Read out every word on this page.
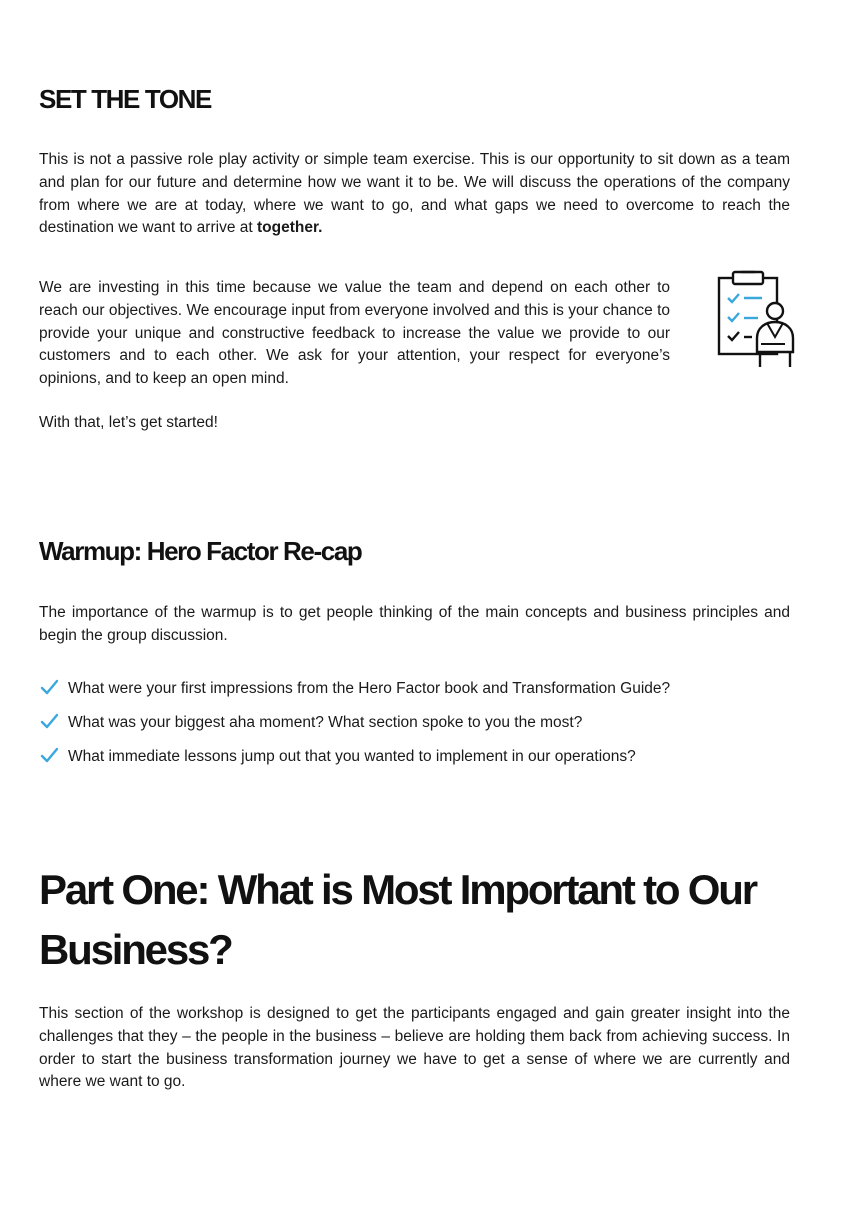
SET THE TONE

This is not a passive role play activity or simple team exercise. This is our opportunity to sit down as a team and plan for our future and determine how we want it to be. We will discuss the operations of the company from where we are at today, where we want to go, and what gaps we need to overcome to reach the destination we want to arrive at together.

We are investing in this time because we value the team and depend on each other to reach our objectives. We encourage input from everyone involved and this is your chance to provide your unique and constructive feedback to increase the value we provide to our customers and to each other. We ask for your attention, your respect for everyone’s opinions, and to keep an open mind.

With that, let’s get started!

Warmup: Hero Factor Re-cap

The importance of the warmup is to get people thinking of the main concepts and business principles and begin the group discussion.

What were your first impressions from the Hero Factor book and Transformation Guide?
What was your biggest aha moment? What section spoke to you the most?
What immediate lessons jump out that you wanted to implement in our operations?
Part One: What is Most Important to Our Business?

This section of the workshop is designed to get the participants engaged and gain greater insight into the challenges that they – the people in the business – believe are holding them back from achieving success. In order to start the business transformation journey we have to get a sense of where we are currently and where we want to go.
